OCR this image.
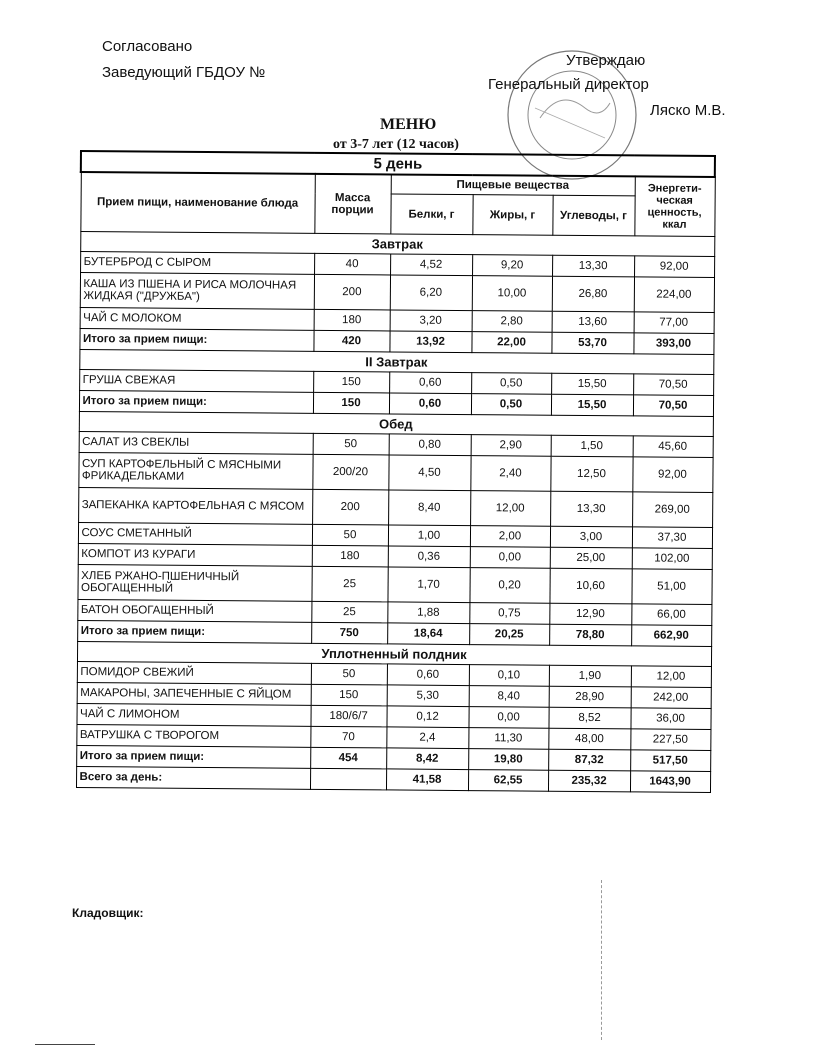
Согласовано
Заведующий ГБДОУ №
Утверждаю
Генеральный директор
Ляско М.В.
МЕНЮ
от 3-7 лет (12 часов)
5 день					
Прием пищи, наименование блюда	Масса порции	Пищевые вещества			Энергети-ческая ценность, ккал
		Белки, г	Жиры, г	Углеводы, г	
Завтрак					
БУТЕРБРОД С СЫРОМ	40	4,52	9,20	13,30	92,00
КАША ИЗ ПШЕНА И РИСА МОЛОЧНАЯ ЖИДКАЯ ("ДРУЖБА")	200	6,20	10,00	26,80	224,00
ЧАЙ С МОЛОКОМ	180	3,20	2,80	13,60	77,00
Итого за прием пищи:	420	13,92	22,00	53,70	393,00
II Завтрак					
ГРУША СВЕЖАЯ	150	0,60	0,50	15,50	70,50
Итого за прием пищи:	150	0,60	0,50	15,50	70,50
Обед					
САЛАТ ИЗ СВЕКЛЫ	50	0,80	2,90	1,50	45,60
СУП КАРТОФЕЛЬНЫЙ С МЯСНЫМИ ФРИКАДЕЛЬКАМИ	200/20	4,50	2,40	12,50	92,00
ЗАПЕКАНКА КАРТОФЕЛЬНАЯ С МЯСОМ	200	8,40	12,00	13,30	269,00
СОУС СМЕТАННЫЙ	50	1,00	2,00	3,00	37,30
КОМПОТ ИЗ КУРАГИ	180	0,36	0,00	25,00	102,00
ХЛЕБ РЖАНО-ПШЕНИЧНЫЙ ОБОГАЩЕННЫЙ	25	1,70	0,20	10,60	51,00
БАТОН ОБОГАЩЕННЫЙ	25	1,88	0,75	12,90	66,00
Итого за прием пищи:	750	18,64	20,25	78,80	662,90
Уплотненный полдник					
ПОМИДОР СВЕЖИЙ	50	0,60	0,10	1,90	12,00
МАКАРОНЫ, ЗАПЕЧЕННЫЕ С ЯЙЦОМ	150	5,30	8,40	28,90	242,00
ЧАЙ С ЛИМОНОМ	180/6/7	0,12	0,00	8,52	36,00
ВАТРУШКА С ТВОРОГОМ	70	2,4	11,30	48,00	227,50
Итого за прием пищи:	454	8,42	19,80	87,32	517,50
Всего за день:		41,58	62,55	235,32	1643,90
Кладовщик:
